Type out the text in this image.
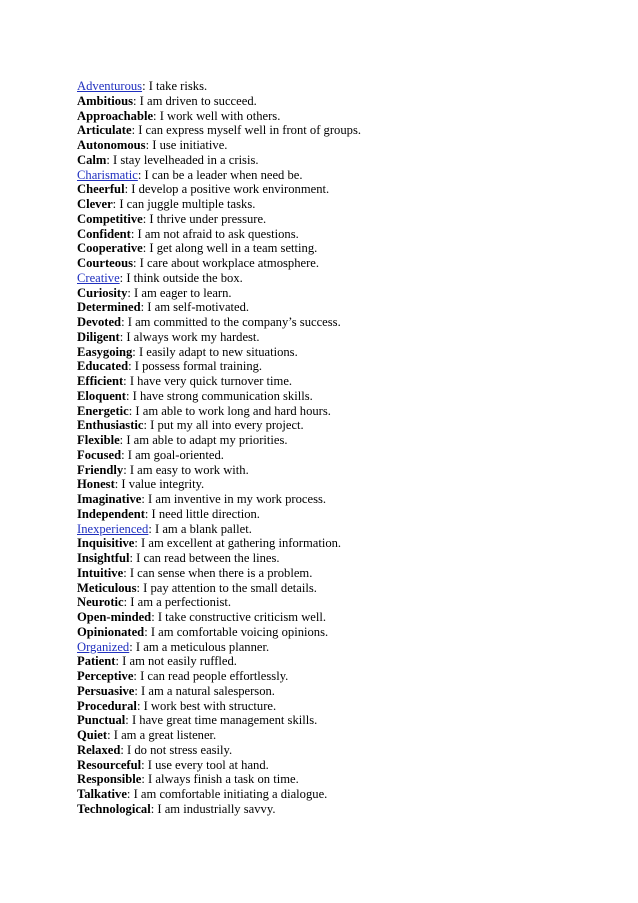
Adventurous: I take risks.
Ambitious: I am driven to succeed.
Approachable: I work well with others.
Articulate: I can express myself well in front of groups.
Autonomous: I use initiative.
Calm: I stay levelheaded in a crisis.
Charismatic: I can be a leader when need be.
Cheerful: I develop a positive work environment.
Clever: I can juggle multiple tasks.
Competitive: I thrive under pressure.
Confident: I am not afraid to ask questions.
Cooperative: I get along well in a team setting.
Courteous: I care about workplace atmosphere.
Creative: I think outside the box.
Curiosity: I am eager to learn.
Determined: I am self-motivated.
Devoted: I am committed to the company’s success.
Diligent: I always work my hardest.
Easygoing: I easily adapt to new situations.
Educated: I possess formal training.
Efficient: I have very quick turnover time.
Eloquent: I have strong communication skills.
Energetic: I am able to work long and hard hours.
Enthusiastic: I put my all into every project.
Flexible: I am able to adapt my priorities.
Focused: I am goal-oriented.
Friendly: I am easy to work with.
Honest: I value integrity.
Imaginative: I am inventive in my work process.
Independent: I need little direction.
Inexperienced: I am a blank pallet.
Inquisitive: I am excellent at gathering information.
Insightful: I can read between the lines.
Intuitive: I can sense when there is a problem.
Meticulous: I pay attention to the small details.
Neurotic: I am a perfectionist.
Open-minded: I take constructive criticism well.
Opinionated: I am comfortable voicing opinions.
Organized: I am a meticulous planner.
Patient: I am not easily ruffled.
Perceptive: I can read people effortlessly.
Persuasive: I am a natural salesperson.
Procedural: I work best with structure.
Punctual: I have great time management skills.
Quiet: I am a great listener.
Relaxed: I do not stress easily.
Resourceful: I use every tool at hand.
Responsible: I always finish a task on time.
Talkative: I am comfortable initiating a dialogue.
Technological: I am industrially savvy.
